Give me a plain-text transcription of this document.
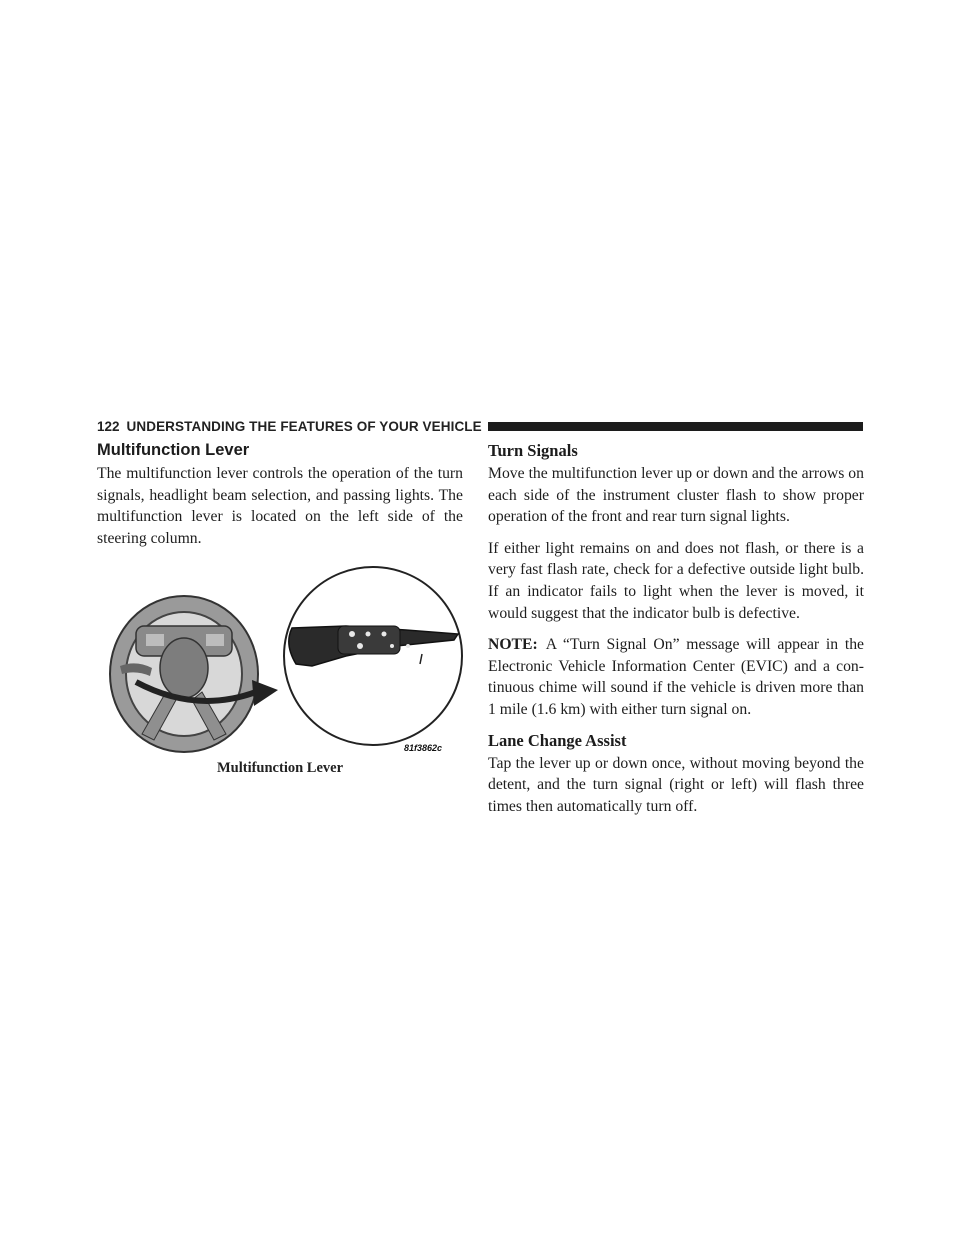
122 UNDERSTANDING THE FEATURES OF YOUR VEHICLE
Multifunction Lever

The multifunction lever controls the operation of the turn signals, headlight beam selection, and passing lights. The multifunction lever is located on the left side of the steering column.

81f3862c
Multifunction Lever
Turn Signals

Move the multifunction lever up or down and the arrows on each side of the instrument cluster flash to show proper operation of the front and rear turn signal lights.

If either light remains on and does not flash, or there is a very fast flash rate, check for a defective outside light bulb. If an indicator fails to light when the lever is moved, it would suggest that the indicator bulb is defective.

NOTE: A “Turn Signal On” message will appear in the Electronic Vehicle Information Center (EVIC) and a con-tinuous chime will sound if the vehicle is driven more than 1 mile (1.6 km) with either turn signal on.

Lane Change Assist

Tap the lever up or down once, without moving beyond the detent, and the turn signal (right or left) will flash three times then automatically turn off.
